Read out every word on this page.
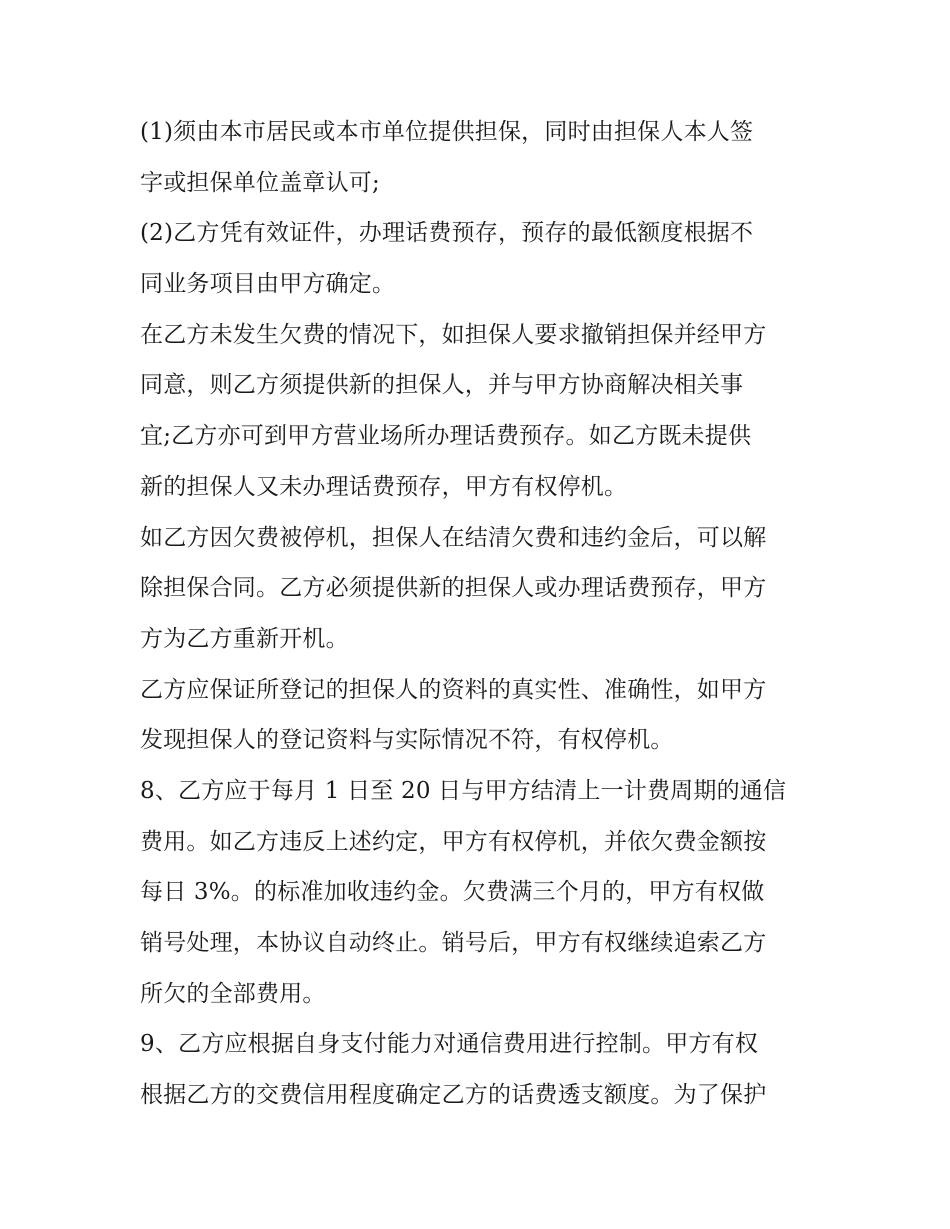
(1)须由本市居民或本市单位提供担保，同时由担保人本人签
字或担保单位盖章认可;
(2)乙方凭有效证件，办理话费预存，预存的最低额度根据不
同业务项目由甲方确定。
在乙方未发生欠费的情况下，如担保人要求撤销担保并经甲方
同意，则乙方须提供新的担保人，并与甲方协商解决相关事
宜;乙方亦可到甲方营业场所办理话费预存。如乙方既未提供
新的担保人又未办理话费预存，甲方有权停机。
如乙方因欠费被停机，担保人在结清欠费和违约金后，可以解
除担保合同。乙方必须提供新的担保人或办理话费预存，甲方
方为乙方重新开机。
乙方应保证所登记的担保人的资料的真实性、准确性，如甲方
发现担保人的登记资料与实际情况不符，有权停机。
8、乙方应于每月 1 日至 20 日与甲方结清上一计费周期的通信
费用。如乙方违反上述约定，甲方有权停机，并依欠费金额按
每日 3%。的标准加收违约金。欠费满三个月的，甲方有权做
销号处理，本协议自动终止。销号后，甲方有权继续追索乙方
所欠的全部费用。
9、乙方应根据自身支付能力对通信费用进行控制。甲方有权
根据乙方的交费信用程度确定乙方的话费透支额度。为了保护
